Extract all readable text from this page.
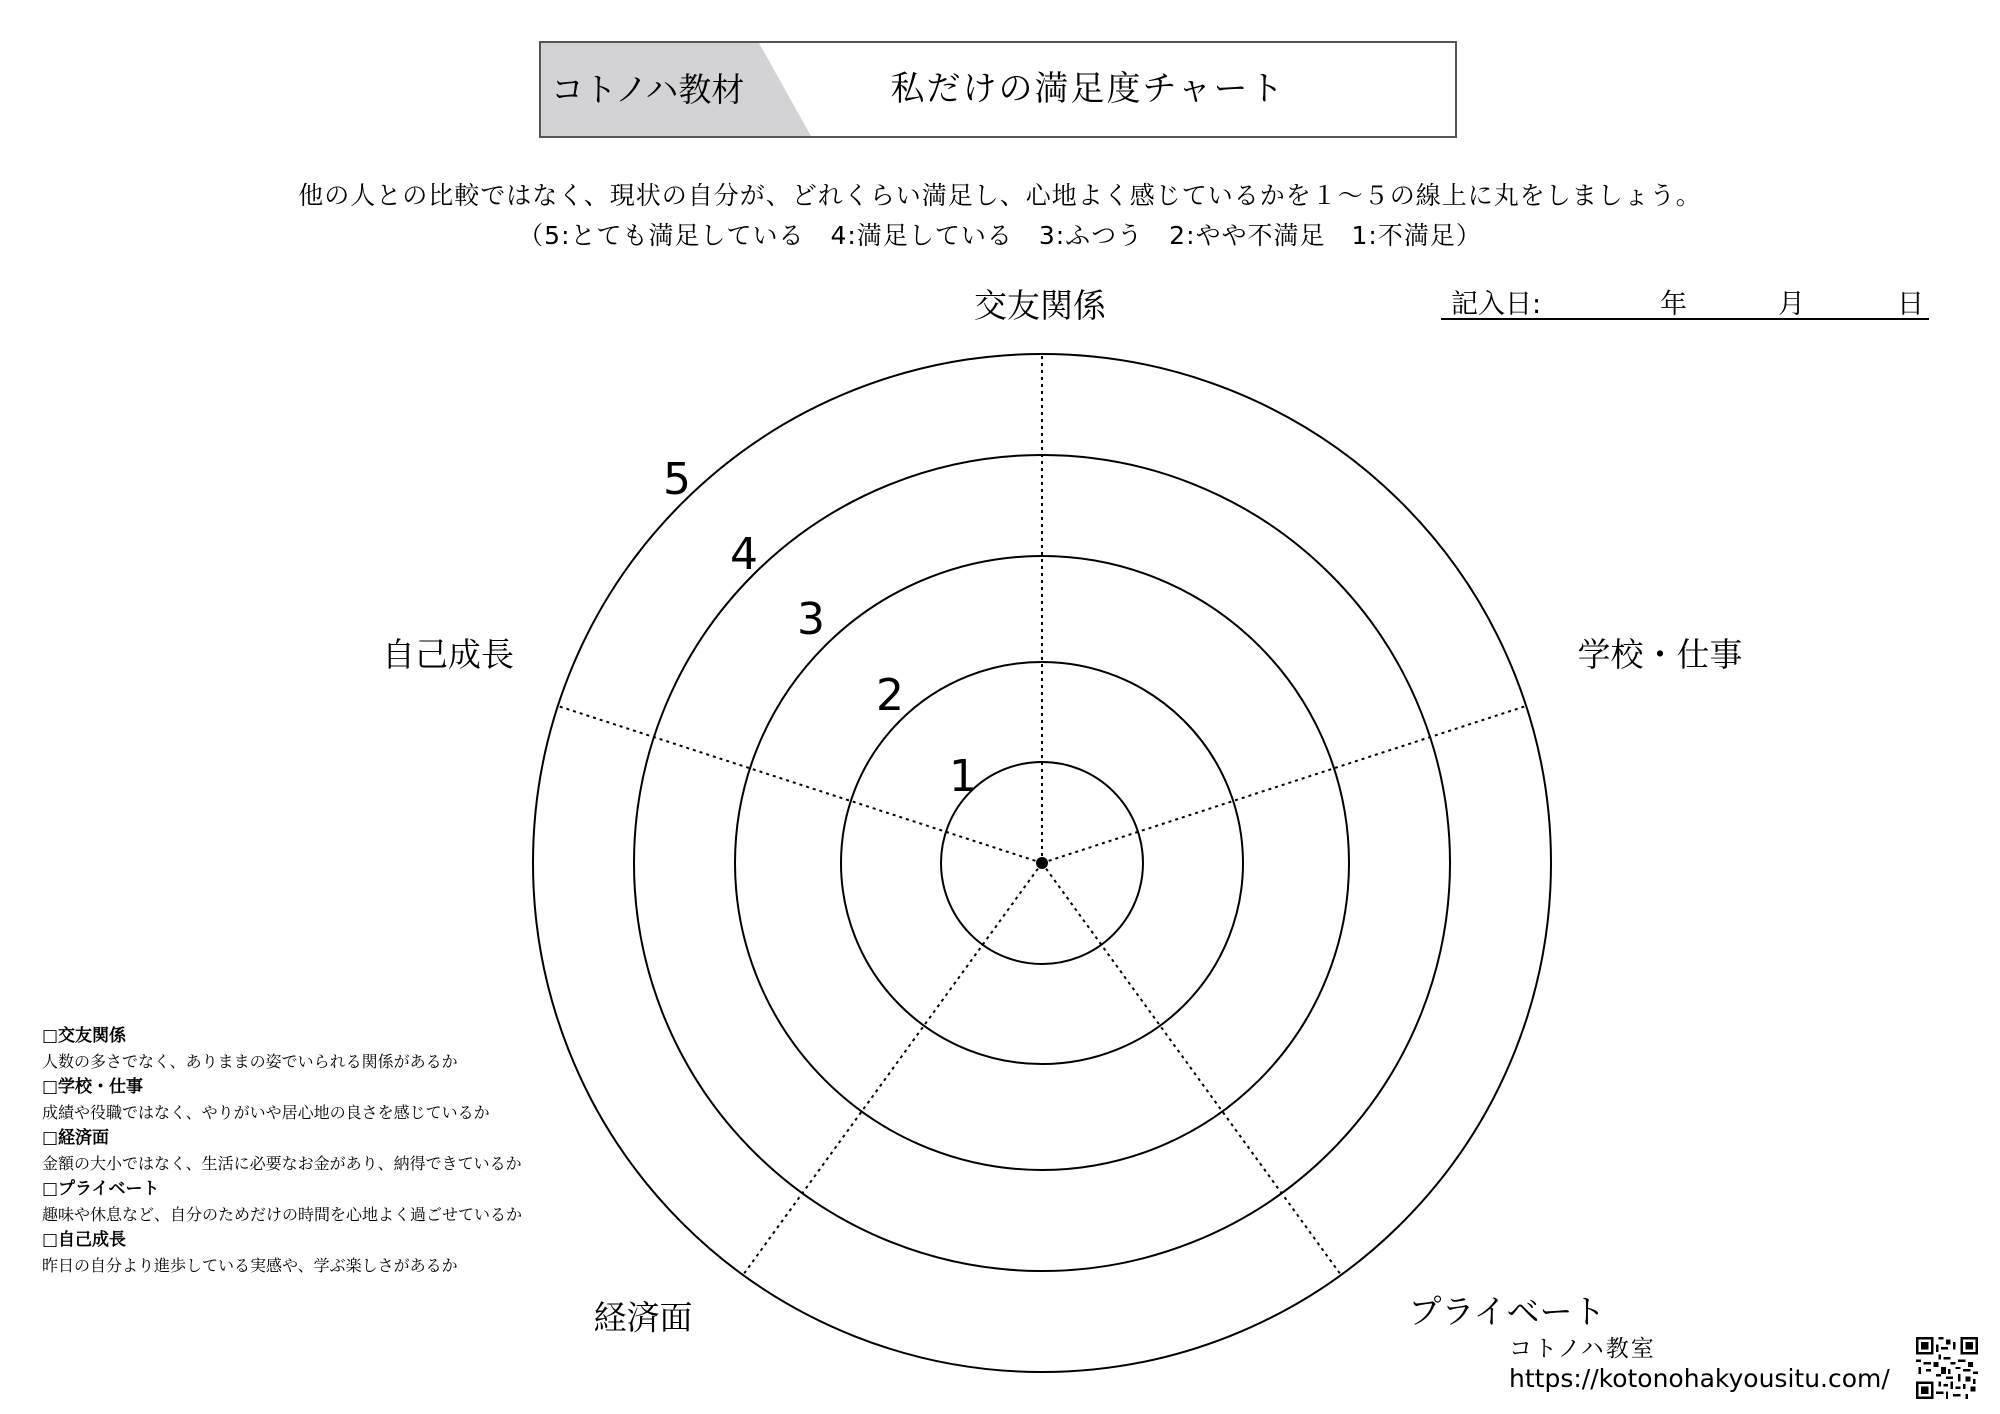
コトノハ教材	私だけの満足度チャート
他の人との比較ではなく、現状の自分が、どれくらい満足し、心地よく感じているかを１～５の線上に丸をしましょう。
（5:とても満足している　4:満足している　3:ふつう　2:やや不満足　1:不満足）
記入日:	年	月	日
交友関係
学校・仕事
プライベート
経済面
自己成長
1
2
3
4
5
□交友関係
人数の多さでなく、ありままの姿でいられる関係があるか
□学校・仕事
成績や役職ではなく、やりがいや居心地の良さを感じているか
□経済面
金額の大小ではなく、生活に必要なお金があり、納得できているか
□プライベート
趣味や休息など、自分のためだけの時間を心地よく過ごせているか
□自己成長
昨日の自分より進歩している実感や、学ぶ楽しさがあるか
コトノハ教室
https://kotonohakyousitu.com/
